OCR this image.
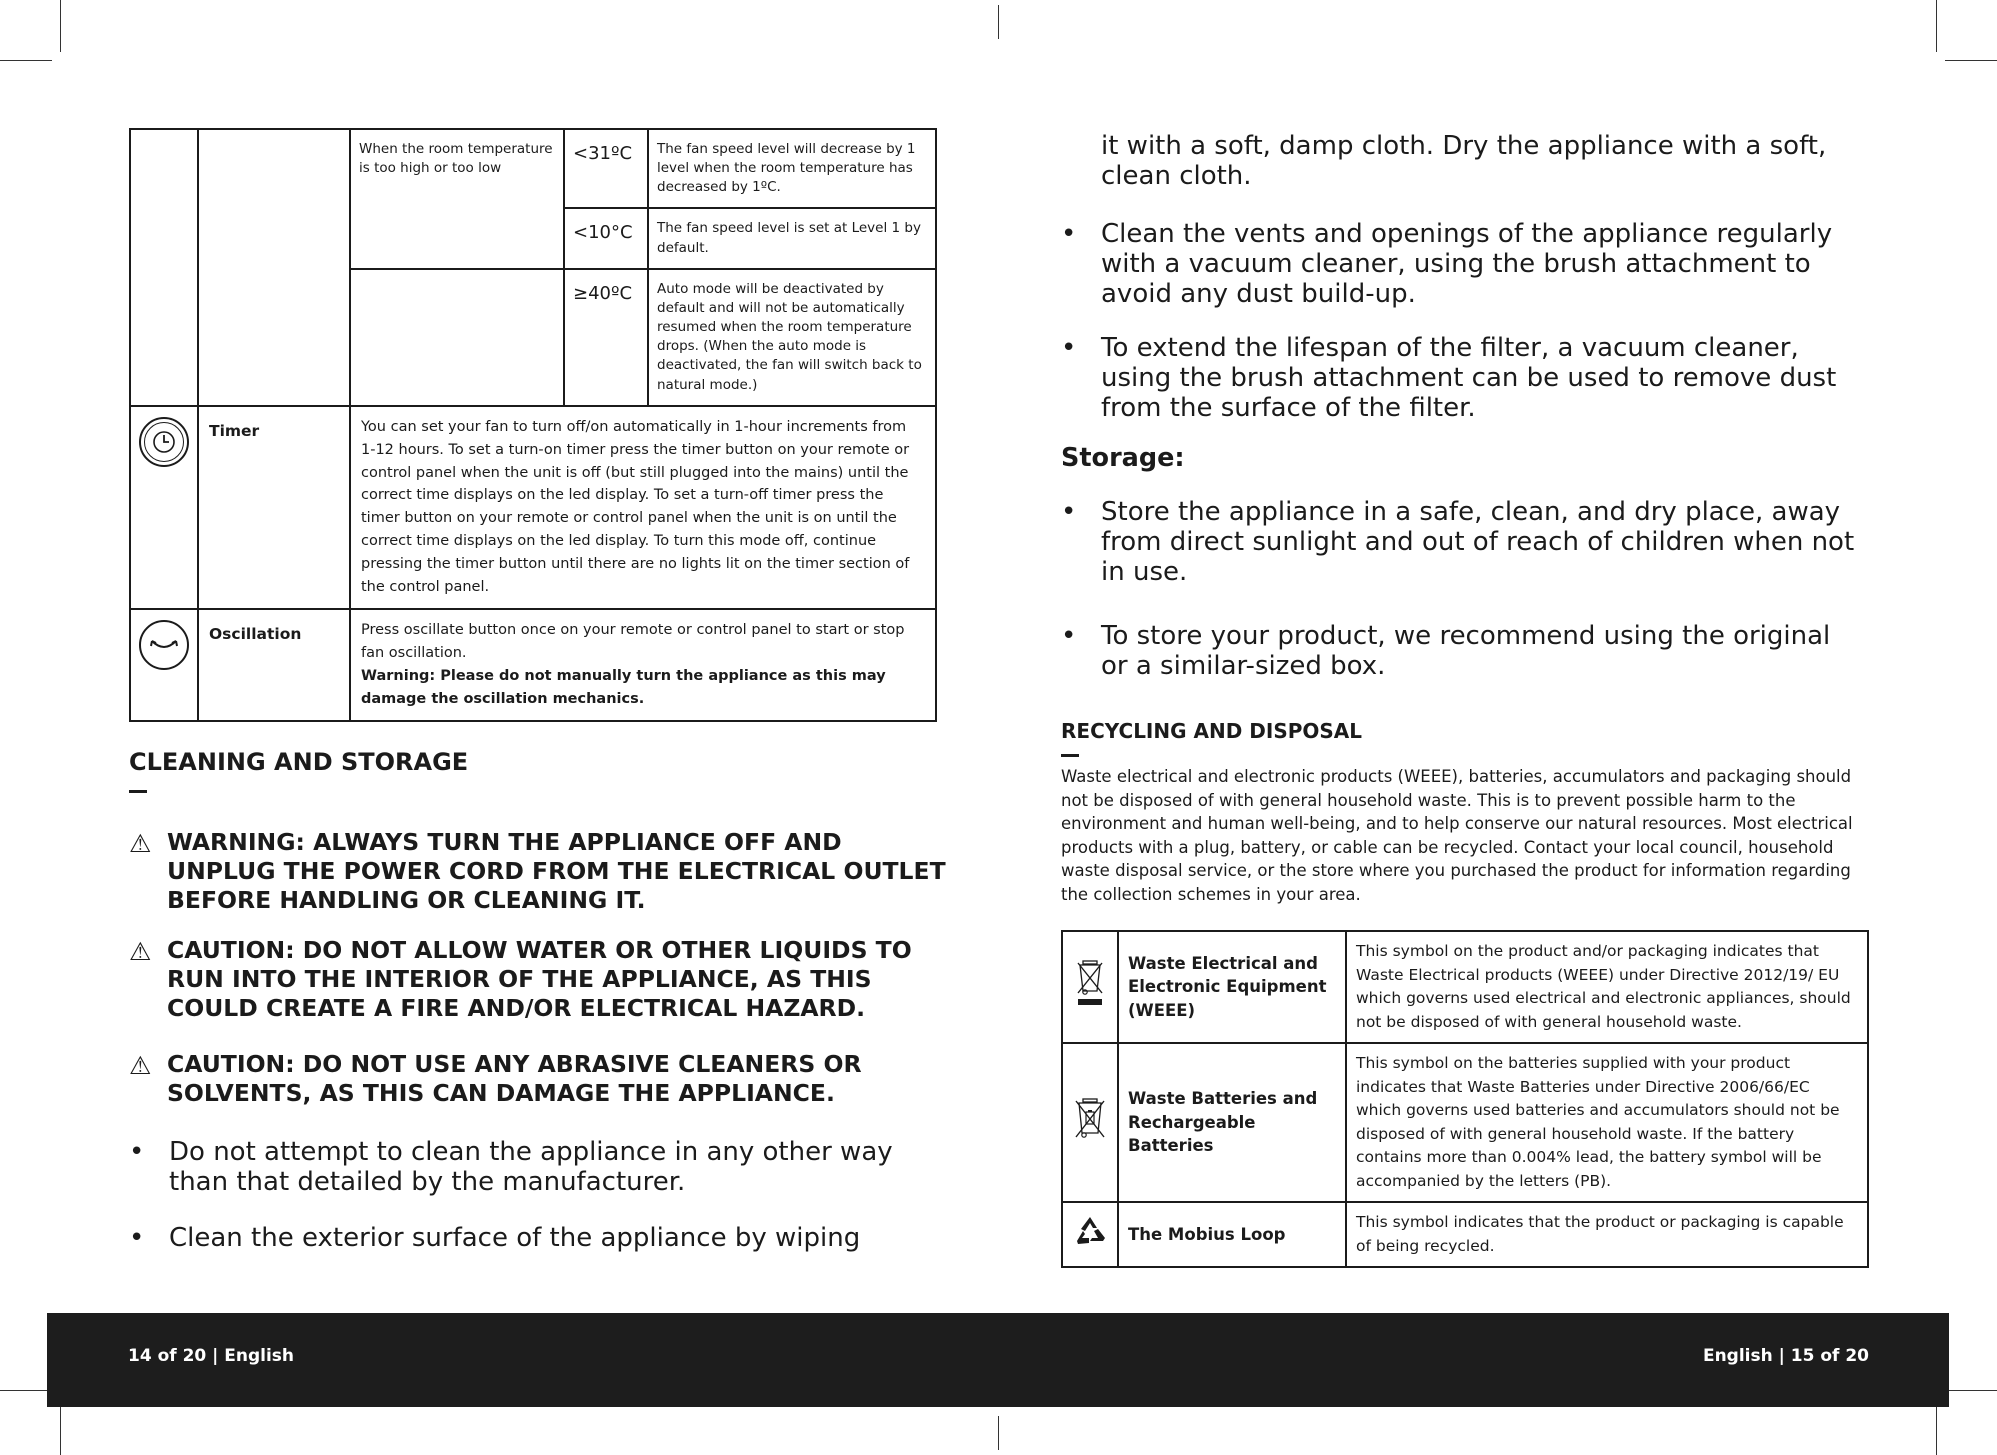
		When the room temperature is too high or too low	<31ºC	The fan speed level will decrease by 1 level when the room temperature has decreased by 1ºC.
			<10°C	The fan speed level is set at Level 1 by default.
			≥40ºC	Auto mode will be deactivated by default and will not be automatically resumed when the room temperature drops. (When the auto mode is deactivated, the fan will switch back to natural mode.)

	Timer	You can set your fan to turn off/on automatically in 1-hour increments from 1-12 hours. To set a turn-on timer press the timer button on your remote or control panel when the unit is off (but still plugged into the mains) until the correct time displays on the led display. To set a turn-off timer press the timer button on your remote or control panel when the unit is on until the correct time displays on the led display. To turn this mode off, continue pressing the timer button until there are no lights lit on the timer section of the control panel.		

	Oscillation	Press oscillate button once on your remote or control panel to start or stop fan oscillation.
Warning: Please do not manually turn the appliance as this may damage the oscillation mechanics.		
CLEANING AND STORAGE
⚠ WARNING: ALWAYS TURN THE APPLIANCE OFF AND UNPLUG THE POWER CORD FROM THE ELECTRICAL OUTLET BEFORE HANDLING OR CLEANING IT.
⚠ CAUTION: DO NOT ALLOW WATER OR OTHER LIQUIDS TO RUN INTO THE INTERIOR OF THE APPLIANCE, AS THIS COULD CREATE A FIRE AND/OR ELECTRICAL HAZARD.
⚠ CAUTION: DO NOT USE ANY ABRASIVE CLEANERS OR SOLVENTS, AS THIS CAN DAMAGE THE APPLIANCE.
• Do not attempt to clean the appliance in any other way than that detailed by the manufacturer.
• Clean the exterior surface of the appliance by wiping
it with a soft, damp cloth. Dry the appliance with a soft, clean cloth.
• Clean the vents and openings of the appliance regularly with a vacuum cleaner, using the brush attachment to avoid any dust build-up.
• To extend the lifespan of the filter, a vacuum cleaner, using the brush attachment can be used to remove dust from the surface of the filter.
Storage:
• Store the appliance in a safe, clean, and dry place, away from direct sunlight and out of reach of children when not in use.
• To store your product, we recommend using the original or a similar-sized box.
RECYCLING AND DISPOSAL

Waste electrical and electronic products (WEEE), batteries, accumulators and packaging should not be disposed of with general household waste. This is to prevent possible harm to the environment and human well-being, and to help conserve our natural resources. Most electrical products with a plug, battery, or cable can be recycled. Contact your local council, household waste disposal service, or the store where you purchased the product for information regarding the collection schemes in your area.

	Waste Electrical and Electronic Equipment (WEEE)	This symbol on the product and/or packaging indicates that Waste Electrical products (WEEE) under Directive 2012/19/ EU which governs used electrical and electronic appliances, should not be disposed of with general household waste.
	Waste Batteries and Rechargeable Batteries	This symbol on the batteries supplied with your product indicates that Waste Batteries under Directive 2006/66/EC which governs used batteries and accumulators should not be disposed of with general household waste. If the battery contains more than 0.004% lead, the battery symbol will be accompanied by the letters (PB).
	The Mobius Loop	This symbol indicates that the product or packaging is capable of being recycled.
14 of 20 | English	English | 15 of 20
